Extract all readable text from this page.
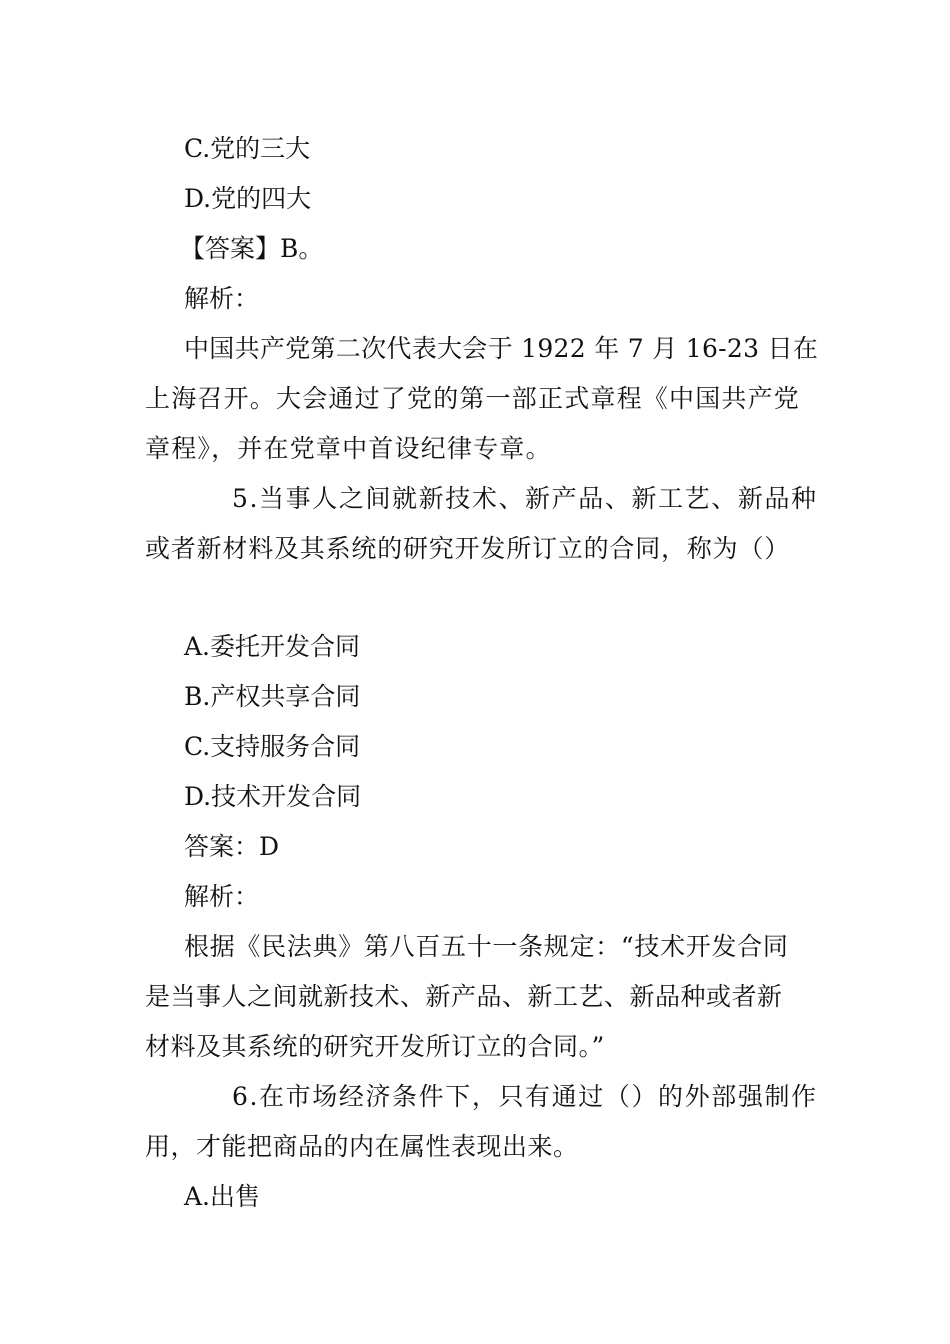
C.党的三大
D.党的四大
【答案】B。
解析：
中国共产党第二次代表大会于 1922 年 7 月 16-23 日在
上海召开。大会通过了党的第一部正式章程《中国共产党
章程》，并在党章中首设纪律专章。
5.当事人之间就新技术、新产品、新工艺、新品种
或者新材料及其系统的研究开发所订立的合同，称为（）
A.委托开发合同
B.产权共享合同
C.支持服务合同
D.技术开发合同
答案：D
解析：
根据《民法典》第八百五十一条规定：“技术开发合同
是当事人之间就新技术、新产品、新工艺、新品种或者新
材料及其系统的研究开发所订立的合同。”
6.在市场经济条件下，只有通过（）的外部强制作
用，才能把商品的内在属性表现出来。
A.出售
